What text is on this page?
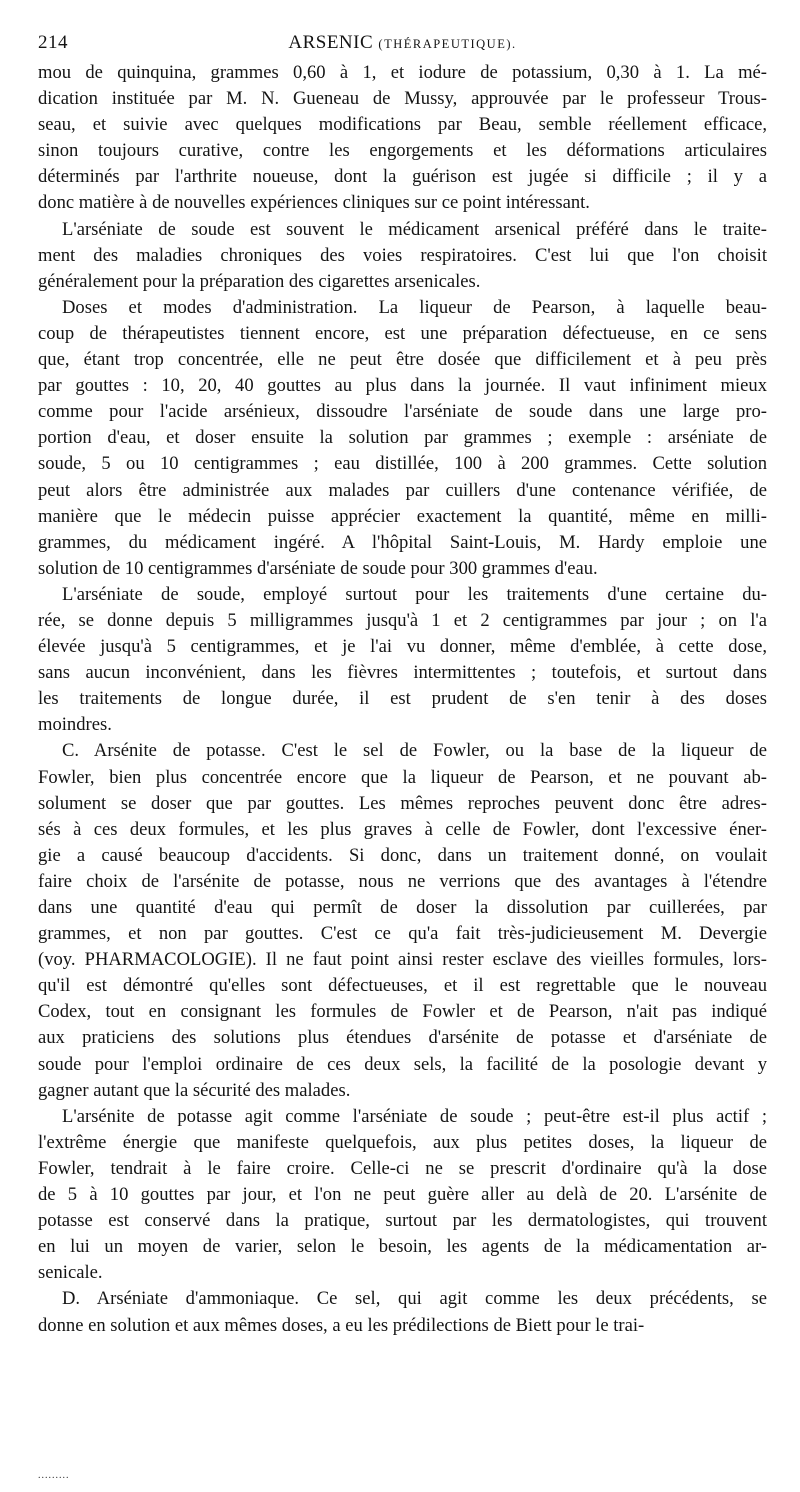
214	ARSENIC (THÉRAPEUTIQUE).
mou de quinquina, grammes 0,60 à 1, et iodure de potassium, 0,30 à 1. La mé-
dication instituée par M. N. Gueneau de Mussy, approuvée par le professeur Trous-
seau, et suivie avec quelques modifications par Beau, semble réellement efficace,
sinon toujours curative, contre les engorgements et les déformations articulaires
déterminés par l'arthrite noueuse, dont la guérison est jugée si difficile ; il y a
donc matière à de nouvelles expériences cliniques sur ce point intéressant.
L'arséniate de soude est souvent le médicament arsenical préféré dans le traite-
ment des maladies chroniques des voies respiratoires. C'est lui que l'on choisit
généralement pour la préparation des cigarettes arsenicales.
Doses et modes d'administration. La liqueur de Pearson, à laquelle beau-
coup de thérapeutistes tiennent encore, est une préparation défectueuse, en ce sens
que, étant trop concentrée, elle ne peut être dosée que difficilement et à peu près
par gouttes : 10, 20, 40 gouttes au plus dans la journée. Il vaut infiniment mieux
comme pour l'acide arsénieux, dissoudre l'arséniate de soude dans une large pro-
portion d'eau, et doser ensuite la solution par grammes ; exemple : arséniate de
soude, 5 ou 10 centigrammes ; eau distillée, 100 à 200 grammes. Cette solution
peut alors être administrée aux malades par cuillers d'une contenance vérifiée, de
manière que le médecin puisse apprécier exactement la quantité, même en milli-
grammes, du médicament ingéré. A l'hôpital Saint-Louis, M. Hardy emploie une
solution de 10 centigrammes d'arséniate de soude pour 300 grammes d'eau.
L'arséniate de soude, employé surtout pour les traitements d'une certaine du-
rée, se donne depuis 5 milligrammes jusqu'à 1 et 2 centigrammes par jour ; on l'a
élevée jusqu'à 5 centigrammes, et je l'ai vu donner, même d'emblée, à cette dose,
sans aucun inconvénient, dans les fièvres intermittentes ; toutefois, et surtout dans
les traitements de longue durée, il est prudent de s'en tenir à des doses
moindres.
C. Arsénite de potasse. C'est le sel de Fowler, ou la base de la liqueur de
Fowler, bien plus concentrée encore que la liqueur de Pearson, et ne pouvant ab-
solument se doser que par gouttes. Les mêmes reproches peuvent donc être adres-
sés à ces deux formules, et les plus graves à celle de Fowler, dont l'excessive éner-
gie a causé beaucoup d'accidents. Si donc, dans un traitement donné, on voulait
faire choix de l'arsénite de potasse, nous ne verrions que des avantages à l'étendre
dans une quantité d'eau qui permît de doser la dissolution par cuillerées, par
grammes, et non par gouttes. C'est ce qu'a fait très-judicieusement M. Devergie
(voy. PHARMACOLOGIE). Il ne faut point ainsi rester esclave des vieilles formules, lors-
qu'il est démontré qu'elles sont défectueuses, et il est regrettable que le nouveau
Codex, tout en consignant les formules de Fowler et de Pearson, n'ait pas indiqué
aux praticiens des solutions plus étendues d'arsénite de potasse et d'arséniate de
soude pour l'emploi ordinaire de ces deux sels, la facilité de la posologie devant y
gagner autant que la sécurité des malades.
L'arsénite de potasse agit comme l'arséniate de soude ; peut-être est-il plus actif ;
l'extrême énergie que manifeste quelquefois, aux plus petites doses, la liqueur de
Fowler, tendrait à le faire croire. Celle-ci ne se prescrit d'ordinaire qu'à la dose
de 5 à 10 gouttes par jour, et l'on ne peut guère aller au delà de 20. L'arsénite de
potasse est conservé dans la pratique, surtout par les dermatologistes, qui trouvent
en lui un moyen de varier, selon le besoin, les agents de la médicamentation ar-
senicale.
D. Arséniate d'ammoniaque. Ce sel, qui agit comme les deux précédents, se
donne en solution et aux mêmes doses, a eu les prédilections de Biett pour le trai-
.........
